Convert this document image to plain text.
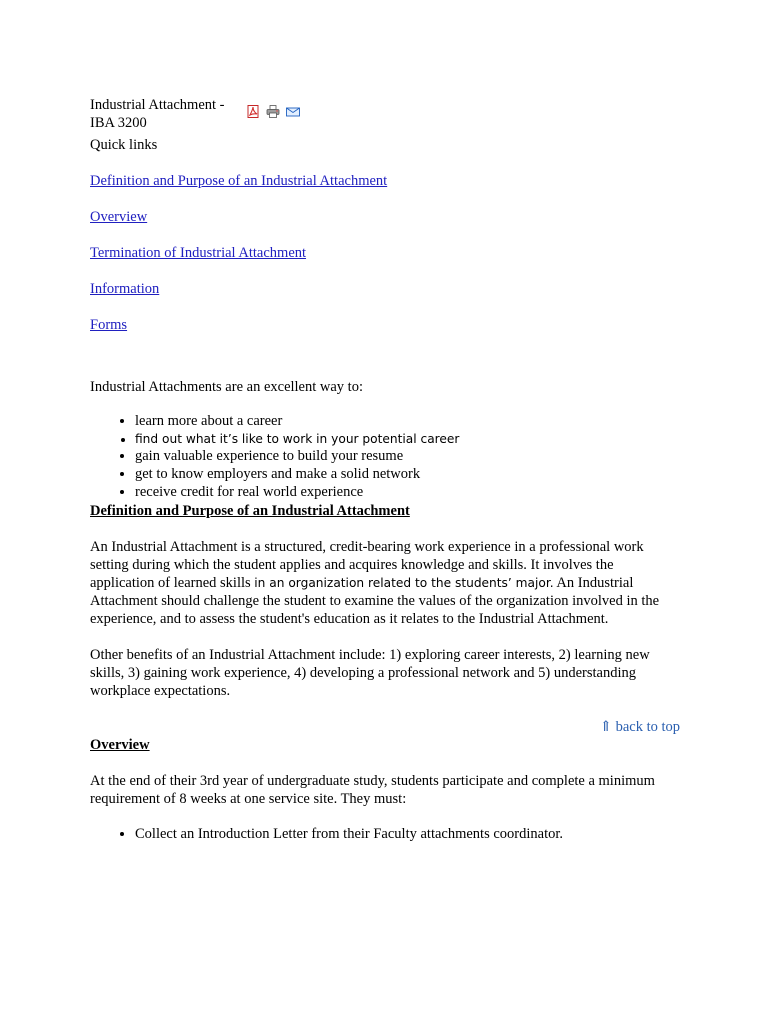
Industrial Attachment -
IBA 3200
Quick links
Definition and Purpose of an Industrial Attachment
Overview
Termination of Industrial Attachment
Information
Forms
Industrial Attachments are an excellent way to:
• learn more about a career
• find out what it’s like to work in your potential career
• gain valuable experience to build your resume
• get to know employers and make a solid network
• receive credit for real world experience
Definition and Purpose of an Industrial Attachment

An Industrial Attachment is a structured, credit-bearing work experience in a professional work setting during which the student applies and acquires knowledge and skills. It involves the application of learned skills in an organization related to the students’ major. An Industrial Attachment should challenge the student to examine the values of the organization involved in the experience, and to assess the student's education as it relates to the Industrial Attachment.

Other benefits of an Industrial Attachment include: 1) exploring career interests, 2) learning new skills, 3) gaining work experience, 4) developing a professional network and 5) understanding workplace expectations.

⇑ back to top
Overview

At the end of their 3rd year of undergraduate study, students participate and complete a minimum requirement of 8 weeks at one service site. They must:

• Collect an Introduction Letter from their Faculty attachments coordinator.
